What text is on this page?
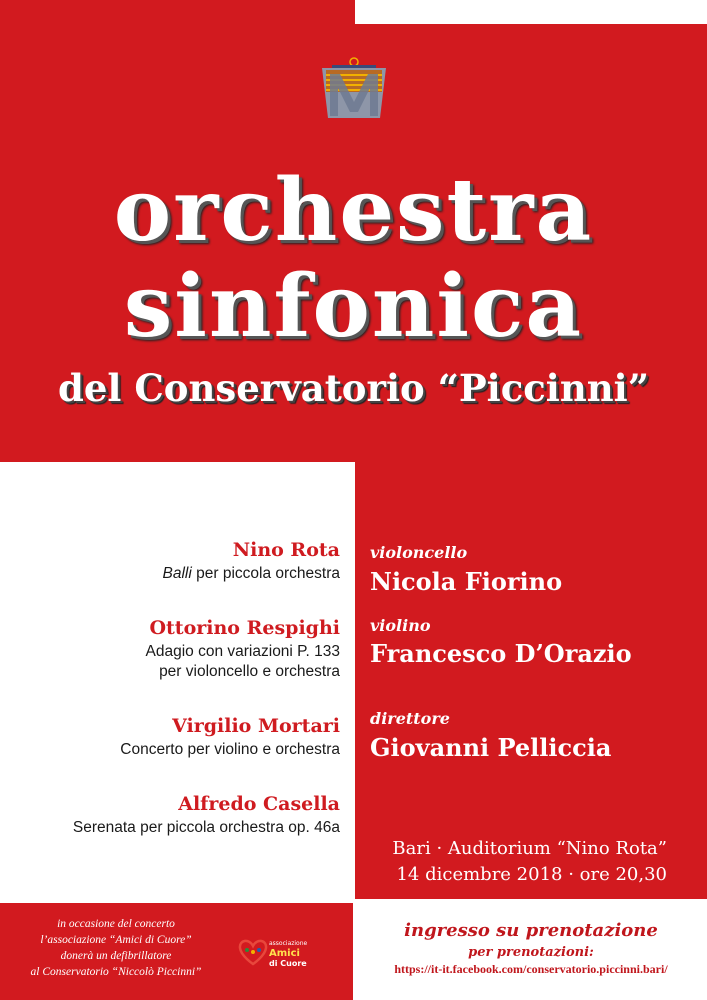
orchestra
sinfonica
del Conservatorio “Piccinni”
Nino Rota
Balli per piccola orchestra
Ottorino Respighi
Adagio con variazioni P. 133
per violoncello e orchestra
Virgilio Mortari
Concerto per violino e orchestra
Alfredo Casella
Serenata per piccola orchestra op. 46a
violoncello
Nicola Fiorino
violino
Francesco D’Orazio
direttore
Giovanni Pelliccia
Bari · Auditorium “Nino Rota”
14 dicembre 2018 · ore 20,30
in occasione del concerto
l’associazione “Amici di Cuore”
donerà un defibrillatore
al Conservatorio “Niccolò Piccinni”
associazione
Amici
di Cuore
ingresso su prenotazione
per prenotazioni:
https://it-it.facebook.com/conservatorio.piccinni.bari/
